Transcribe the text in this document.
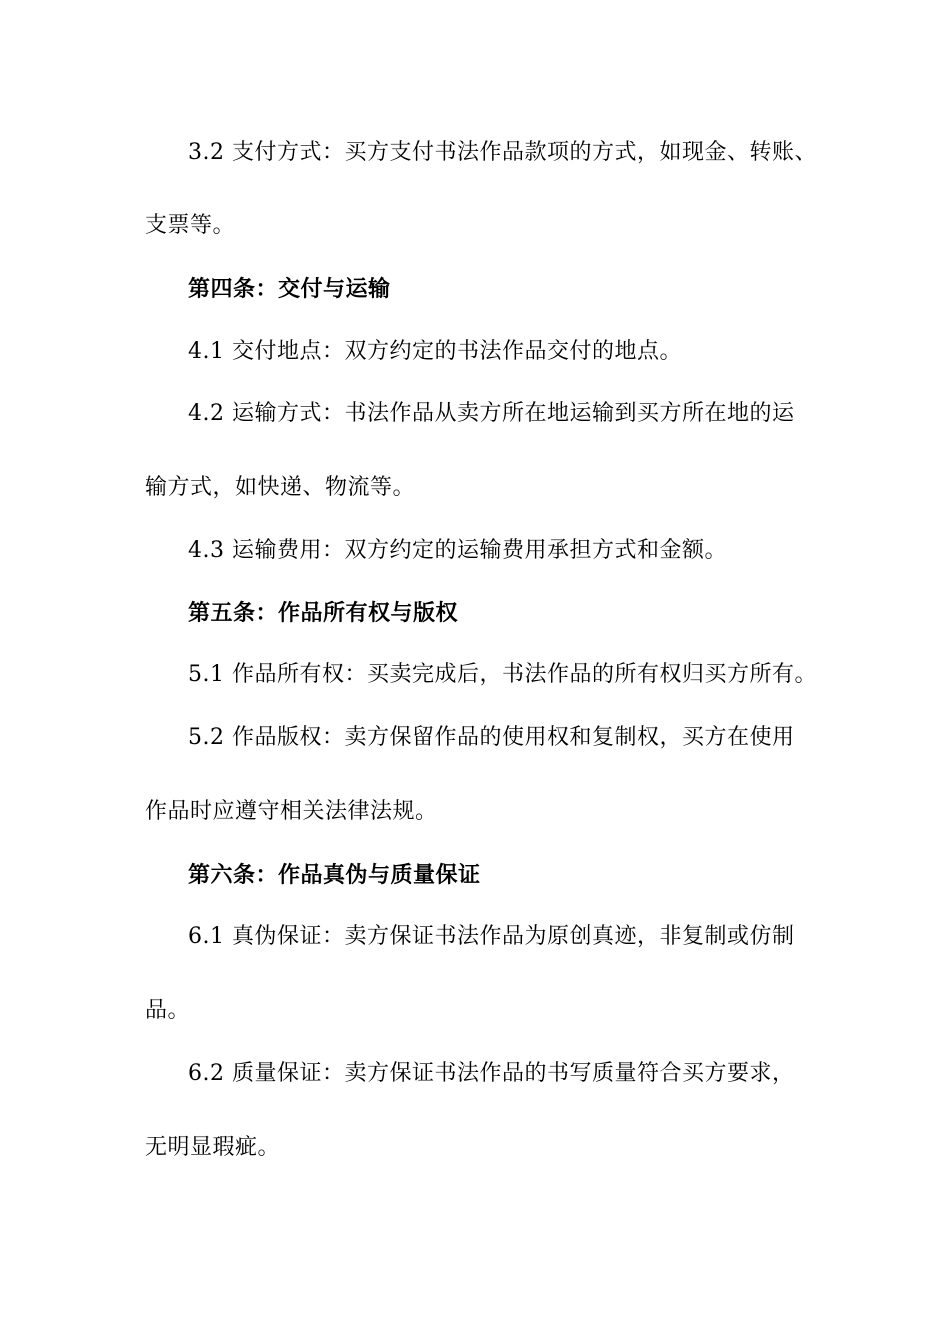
3.2 支付方式：买方支付书法作品款项的方式，如现金、转账、
支票等。
第四条：交付与运输
4.1 交付地点：双方约定的书法作品交付的地点。
4.2 运输方式：书法作品从卖方所在地运输到买方所在地的运
输方式，如快递、物流等。
4.3 运输费用：双方约定的运输费用承担方式和金额。
第五条：作品所有权与版权
5.1 作品所有权：买卖完成后，书法作品的所有权归买方所有。
5.2 作品版权：卖方保留作品的使用权和复制权，买方在使用
作品时应遵守相关法律法规。
第六条：作品真伪与质量保证
6.1 真伪保证：卖方保证书法作品为原创真迹，非复制或仿制
品。
6.2 质量保证：卖方保证书法作品的书写质量符合买方要求，
无明显瑕疵。
